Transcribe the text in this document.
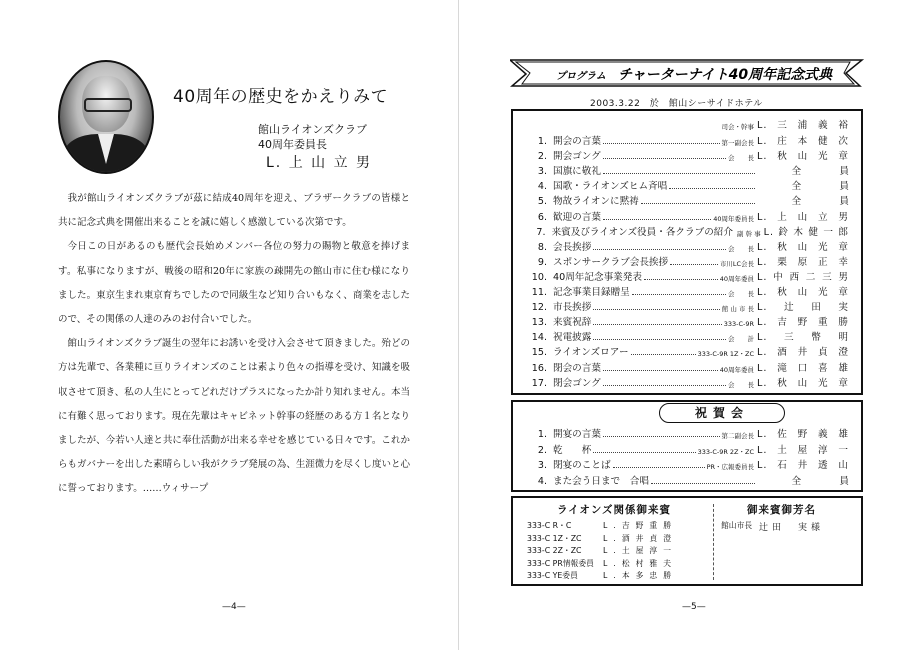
40周年の歴史をかえりみて
館山ライオンズクラブ
40周年委員長
L. 上 山 立 男

我が館山ライオンズクラブが茲に結成40周年を迎え、ブラザークラブの皆様と共に記念式典を開催出来ることを誠に嬉しく感激している次第です。

今日この日があるのも歴代会長始めメンバー各位の努力の賜物と敬意を捧げます。私事になりますが、戦後の昭和20年に家族の疎開先の館山市に住む様になりました。東京生まれ東京育ちでしたので同級生など知り合いもなく、商業を志したので、その関係の人達のみのお付合いでした。

館山ライオンズクラブ誕生の翌年にお誘いを受け入会させて頂きました。殆どの方は先輩で、各業種に亘りライオンズのことは素より色々の指導を受け、知識を吸収させて頂き、私の人生にとってどれだけプラスになったか計り知れません。本当に有難く思っております。現在先輩はキャビネット幹事の経歴のある方１名となりましたが、今若い人達と共に奉仕活動が出来る幸せを感じている日々です。これからもガバナーを出した素晴らしい我がクラブ発展の為、生涯微力を尽くし度いと心に誓っております。……ウィサープ

—4—
プログラム チャーターナイト40周年記念式典
2003.3.22　於　館山シーサイドホテル
司会・幹事 L.三浦義裕
1. 開会の言葉	第一副会長 L.庄本健次
2. 開会ゴング	会　　長 L.秋山光章
3. 国旗に敬礼	全　　　　員
4. 国歌・ライオンズヒム斉唱	全　　　　員
5. 物故ライオンに黙祷	全　　　　員
6. 歓迎の言葉	40周年委員長 L.上山立男
7. 来賓及びライオンズ役員・各クラブの紹介 副 幹 事 L.鈴木健一郎
8. 会長挨拶	会　　長 L.秋山光章
9. スポンサークラブ会長挨拶	市川LC会長 L.栗原正幸
10. 40周年記念事業発表	40周年委員 L.中西二三男
11. 記念事業目録贈呈	会　　長 L.秋山光章
12. 市長挨拶	館 山 市 長 L.辻田実
13. 来賓祝辞	333-C-9R L.吉野重勝
14. 祝電披露	会　　計 L.三幣明
15. ライオンズロアー	333-C-9R 1Z・ZC L.酒井貞澄
16. 閉会の言葉	40周年委員 L.滝口喜雄
17. 閉会ゴング	会　　長 L.秋山光章
1. 開宴の言葉	第二副会長 L.佐野義雄
2. 乾　　杯	333-C-9R 2Z・ZC L.土屋淳一
3. 閉宴のことば	PR・広報委員長 L.石井透山
4. また会う日まで　合唱	全　　　　員
祝賀会
ライオンズ関係御来賓	御来賓御芳名
333-C R・C	L.吉野重勝
333-C 1Z・ZC	L.酒井貞澄
333-C 2Z・ZC	L.土屋淳一
333-C PR情報委員	L.松村雅夫
333-C YE委員	L.本多忠勝
館山市長 辻田　実様
—5—
